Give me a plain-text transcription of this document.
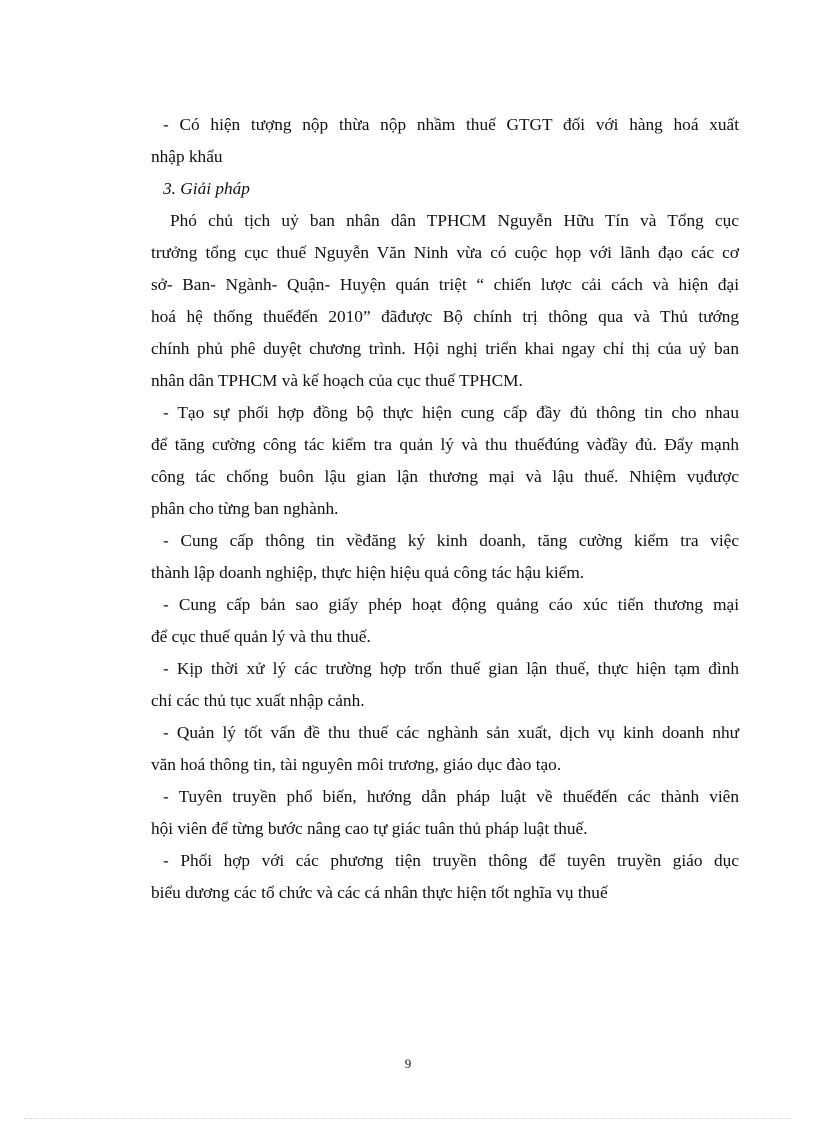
- Có hiện tượng nộp thừa nộp nhầm thuế GTGT đối với hàng hoá xuất
nhập khẩu
3. Giải pháp
Phó chủ tịch uỷ ban nhân dân TPHCM Nguyễn Hữu Tín và Tổng cục
trưởng tổng cục thuế Nguyễn Văn Ninh vừa có cuộc họp với lãnh đạo các cơ
sở- Ban- Ngành- Quận- Huyện quán triệt “ chiến lược cải cách và hiện đại
hoá hệ thống thuếđến 2010” đãđược Bộ chính trị thông qua và Thủ tướng
chính phủ phê duyệt chương trình. Hội nghị triển khai ngay chỉ thị của uỷ ban
nhân dân TPHCM và kế hoạch của cục thuế TPHCM.
- Tạo sự phối hợp đồng bộ thực hiện cung cấp đầy đủ thông tin cho nhau
để tăng cường công tác kiểm tra quản lý và thu thuếđúng vàđầy đủ. Đẩy mạnh
công tác chống buôn lậu gian lận thương mại và lậu thuế. Nhiệm vụđược
phân cho từng ban nghành.
- Cung cấp thông tin vềđăng ký kinh doanh, tăng cường kiểm tra việc
thành lập doanh nghiệp, thực hiện hiệu quả công tác hậu kiểm.
- Cung cấp bản sao giấy phép hoạt động quảng cáo xúc tiến thương mại
để cục thuế quản lý và thu thuế.
- Kịp thời xử lý các trường hợp trốn thuế gian lận thuế, thực hiện tạm đình
chỉ các thủ tục xuất nhập cảnh.
- Quản lý tốt vấn đề thu thuế các nghành sản xuất, dịch vụ kinh doanh như
văn hoá thông tin, tài nguyên môi trương, giáo dục đào tạo.
- Tuyên truyền phổ biến, hướng dẫn pháp luật về thuếđến các thành viên
hội viên để từng bước nâng cao tự giác tuân thủ pháp luật thuế.
- Phối hợp với các phương tiện truyền thông để tuyên truyền giáo dục
biểu dương các tổ chức và các cá nhân thực hiện tốt nghĩa vụ thuế
9
